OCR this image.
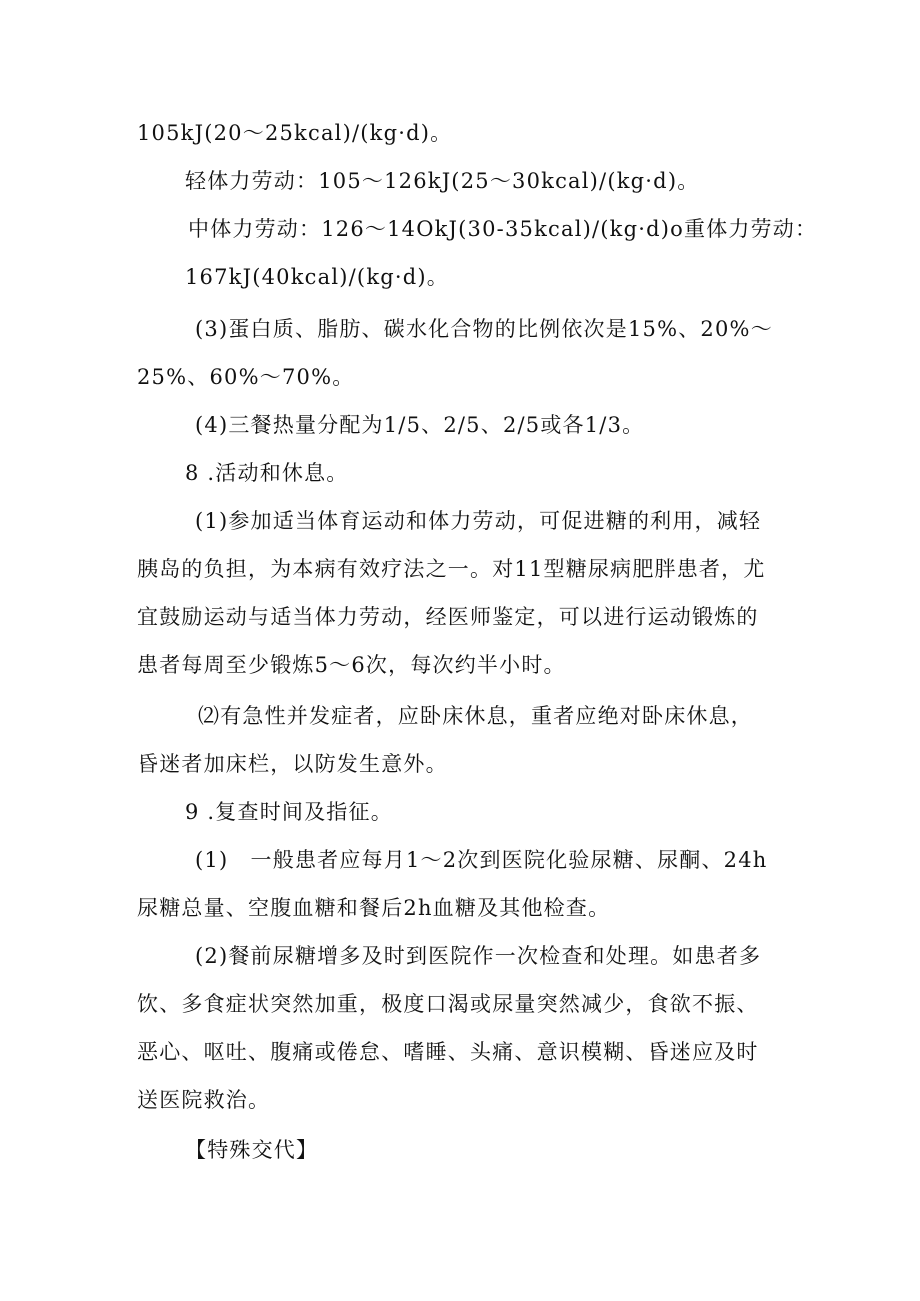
105kJ(20～25kcal)/(kg·d)。
轻体力劳动：105～126kJ(25～30kcal)/(kg·d)。
中体力劳动：126～14OkJ(30-35kcal)/(kg·d)o重体力劳动：
167kJ(40kcal)/(kg·d)。
(3)蛋白质、脂肪、碳水化合物的比例依次是15%、20%～
25%、60%～70%。
(4)三餐热量分配为1/5、2/5、2/5或各1/3。
8 .活动和休息。
(1)参加适当体育运动和体力劳动，可促进糖的利用，减轻
胰岛的负担，为本病有效疗法之一。对11型糖尿病肥胖患者，尤
宜鼓励运动与适当体力劳动，经医师鉴定，可以进行运动锻炼的
患者每周至少锻炼5～6次，每次约半小时。
⑵有急性并发症者，应卧床休息，重者应绝对卧床休息，
昏迷者加床栏，以防发生意外。
9 .复查时间及指征。
(1)　一般患者应每月1～2次到医院化验尿糖、尿酮、24h
尿糖总量、空腹血糖和餐后2h血糖及其他检查。
(2)餐前尿糖增多及时到医院作一次检查和处理。如患者多
饮、多食症状突然加重，极度口渴或尿量突然减少，食欲不振、
恶心、呕吐、腹痛或倦怠、嗜睡、头痛、意识模糊、昏迷应及时
送医院救治。
【特殊交代】
